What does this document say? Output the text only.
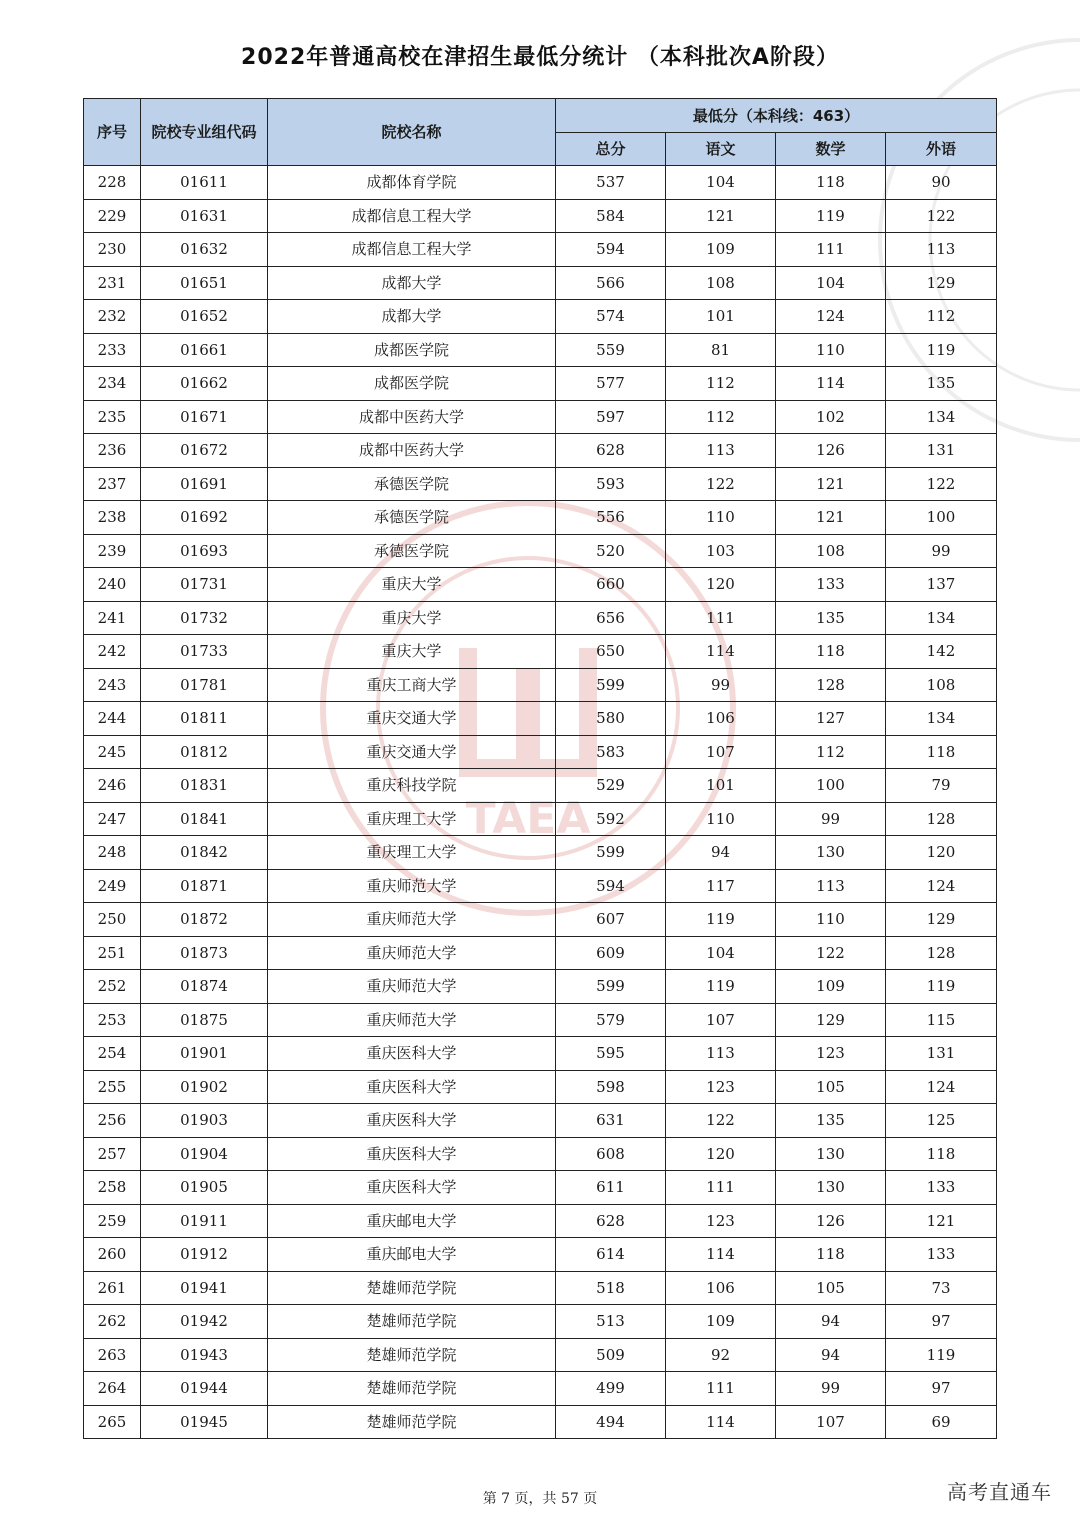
TAEA
2022年普通高校在津招生最低分统计 （本科批次A阶段）
序号	院校专业组代码	院校名称	最低分（本科线：463）			
			总分	语文	数学	外语
228	01611	成都体育学院	537	104	118	90
229	01631	成都信息工程大学	584	121	119	122
230	01632	成都信息工程大学	594	109	111	113
231	01651	成都大学	566	108	104	129
232	01652	成都大学	574	101	124	112
233	01661	成都医学院	559	81	110	119
234	01662	成都医学院	577	112	114	135
235	01671	成都中医药大学	597	112	102	134
236	01672	成都中医药大学	628	113	126	131
237	01691	承德医学院	593	122	121	122
238	01692	承德医学院	556	110	121	100
239	01693	承德医学院	520	103	108	99
240	01731	重庆大学	660	120	133	137
241	01732	重庆大学	656	111	135	134
242	01733	重庆大学	650	114	118	142
243	01781	重庆工商大学	599	99	128	108
244	01811	重庆交通大学	580	106	127	134
245	01812	重庆交通大学	583	107	112	118
246	01831	重庆科技学院	529	101	100	79
247	01841	重庆理工大学	592	110	99	128
248	01842	重庆理工大学	599	94	130	120
249	01871	重庆师范大学	594	117	113	124
250	01872	重庆师范大学	607	119	110	129
251	01873	重庆师范大学	609	104	122	128
252	01874	重庆师范大学	599	119	109	119
253	01875	重庆师范大学	579	107	129	115
254	01901	重庆医科大学	595	113	123	131
255	01902	重庆医科大学	598	123	105	124
256	01903	重庆医科大学	631	122	135	125
257	01904	重庆医科大学	608	120	130	118
258	01905	重庆医科大学	611	111	130	133
259	01911	重庆邮电大学	628	123	126	121
260	01912	重庆邮电大学	614	114	118	133
261	01941	楚雄师范学院	518	106	105	73
262	01942	楚雄师范学院	513	109	94	97
263	01943	楚雄师范学院	509	92	94	119
264	01944	楚雄师范学院	499	111	99	97
265	01945	楚雄师范学院	494	114	107	69
第 7 页，共 57 页	高考直通车
